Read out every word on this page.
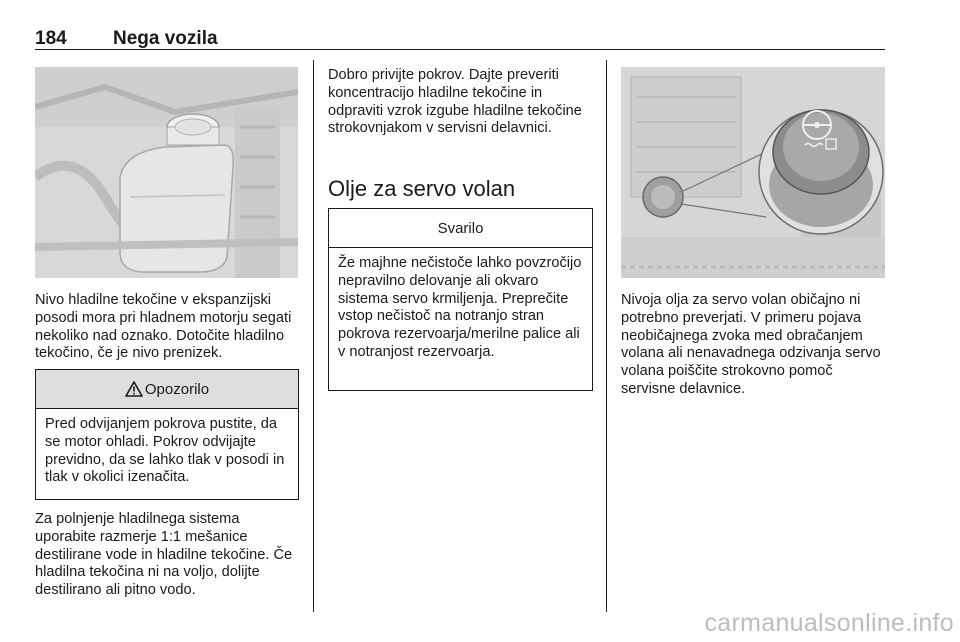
184 Nega vozila

Nivo hladilne tekočine v ekspanzijski posodi mora pri hladnem motorju segati nekoliko nad oznako. Dotočite hladilno tekočino, če je nivo prenizek.

Opozorilo
Pred odvijanjem pokrova pustite, da se motor ohladi. Pokrov odvijajte previdno, da se lahko tlak v posodi in tlak v okolici izenačita.

Za polnjenje hladilnega sistema uporabite razmerje 1:1 mešanice destilirane vode in hladilne tekočine. Če hladilna tekočina ni na voljo, dolijte destilirano ali pitno vodo.

Dobro privijte pokrov. Dajte preveriti koncentracijo hladilne tekočine in odpraviti vzrok izgube hladilne tekočine strokovnjakom v servisni delavnici.

Olje za servo volan
Svarilo
Že majhne nečistoče lahko povzročijo nepravilno delovanje ali okvaro sistema servo krmiljenja. Preprečite vstop nečistoč na notranjo stran pokrova rezervoarja/merilne palice ali v notranjost rezervoarja.

Nivoja olja za servo volan običajno ni potrebno preverjati. V primeru pojava neobičajnega zvoka med obračanjem volana ali nenavadnega odzivanja servo volana poiščite strokovno pomoč servisne delavnice.

carmanualsonline.info
